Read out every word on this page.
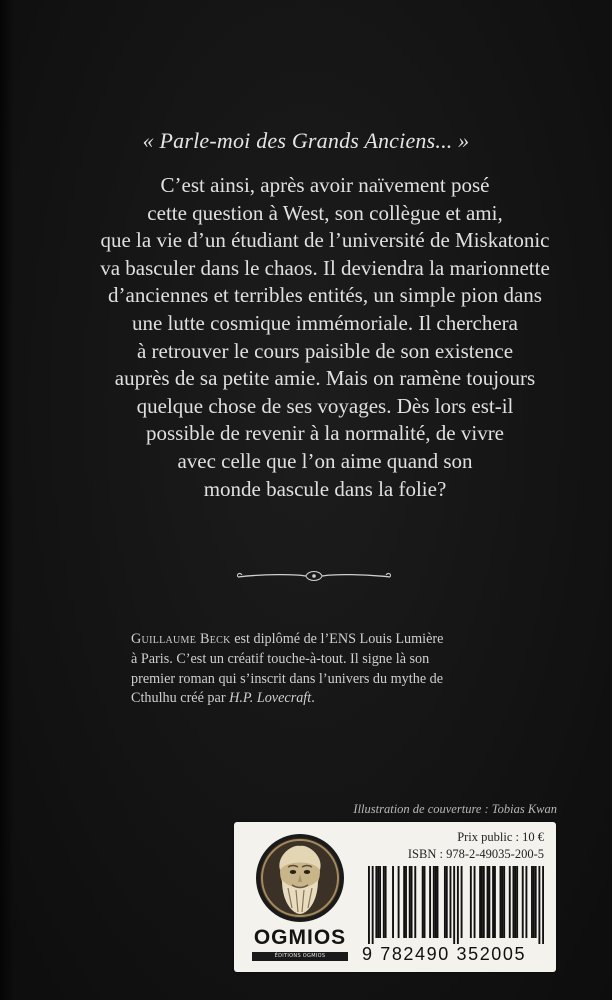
« Parle-moi des Grands Anciens... »
C’est ainsi, après avoir naïvement posé
cette question à West, son collègue et ami,
que la vie d’un étudiant de l’université de Miskatonic
va basculer dans le chaos. Il deviendra la marionnette
d’anciennes et terribles entités, un simple pion dans
une lutte cosmique immémoriale. Il cherchera
à retrouver le cours paisible de son existence
auprès de sa petite amie. Mais on ramène toujours
quelque chose de ses voyages. Dès lors est-il
possible de revenir à la normalité, de vivre
avec celle que l’on aime quand son
monde bascule dans la folie?
Guillaume Beck est diplômé de l’ENS Louis Lumière
à Paris. C’est un créatif touche-à-tout. Il signe là son
premier roman qui s’inscrit dans l’univers du mythe de
Cthulhu créé par H.P. Lovecraft.
Illustration de couverture : Tobias Kwan
OGMIOS
ÉDITIONS OGMIOS
Prix public : 10 €
ISBN : 978-2-49035-200-5
9 782490 352005
